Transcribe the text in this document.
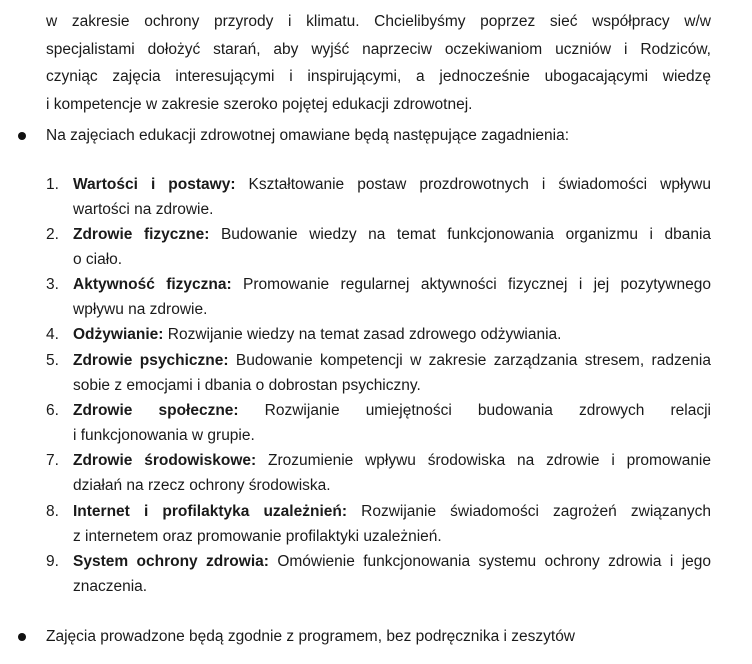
w zakresie ochrony przyrody i klimatu. Chcielibyśmy poprzez sieć współpracy w/w
specjalistami dołożyć starań, aby wyjść naprzeciw oczekiwaniom uczniów i Rodziców,
czyniąc zajęcia interesującymi i inspirującymi, a jednocześnie ubogacającymi wiedzę
i kompetencje w zakresie szeroko pojętej edukacji zdrowotnej.
Na zajęciach edukacji zdrowotnej omawiane będą następujące zagadnienia:
1. Wartości i postawy: Kształtowanie postaw prozdrowotnych i świadomości wpływu
wartości na zdrowie.
2. Zdrowie fizyczne: Budowanie wiedzy na temat funkcjonowania organizmu i dbania
o ciało.
3. Aktywność fizyczna: Promowanie regularnej aktywności fizycznej i jej pozytywnego
wpływu na zdrowie.
4. Odżywianie: Rozwijanie wiedzy na temat zasad zdrowego odżywiania.
5. Zdrowie psychiczne: Budowanie kompetencji w zakresie zarządzania stresem, radzenia
sobie z emocjami i dbania o dobrostan psychiczny.
6. Zdrowie społeczne: Rozwijanie umiejętności budowania zdrowych relacji
i funkcjonowania w grupie.
7. Zdrowie środowiskowe: Zrozumienie wpływu środowiska na zdrowie i promowanie
działań na rzecz ochrony środowiska.
8. Internet i profilaktyka uzależnień: Rozwijanie świadomości zagrożeń związanych
z internetem oraz promowanie profilaktyki uzależnień.
9. System ochrony zdrowia: Omówienie funkcjonowania systemu ochrony zdrowia i jego
znaczenia.
Zajęcia prowadzone będą zgodnie z programem, bez podręcznika i zeszytów
